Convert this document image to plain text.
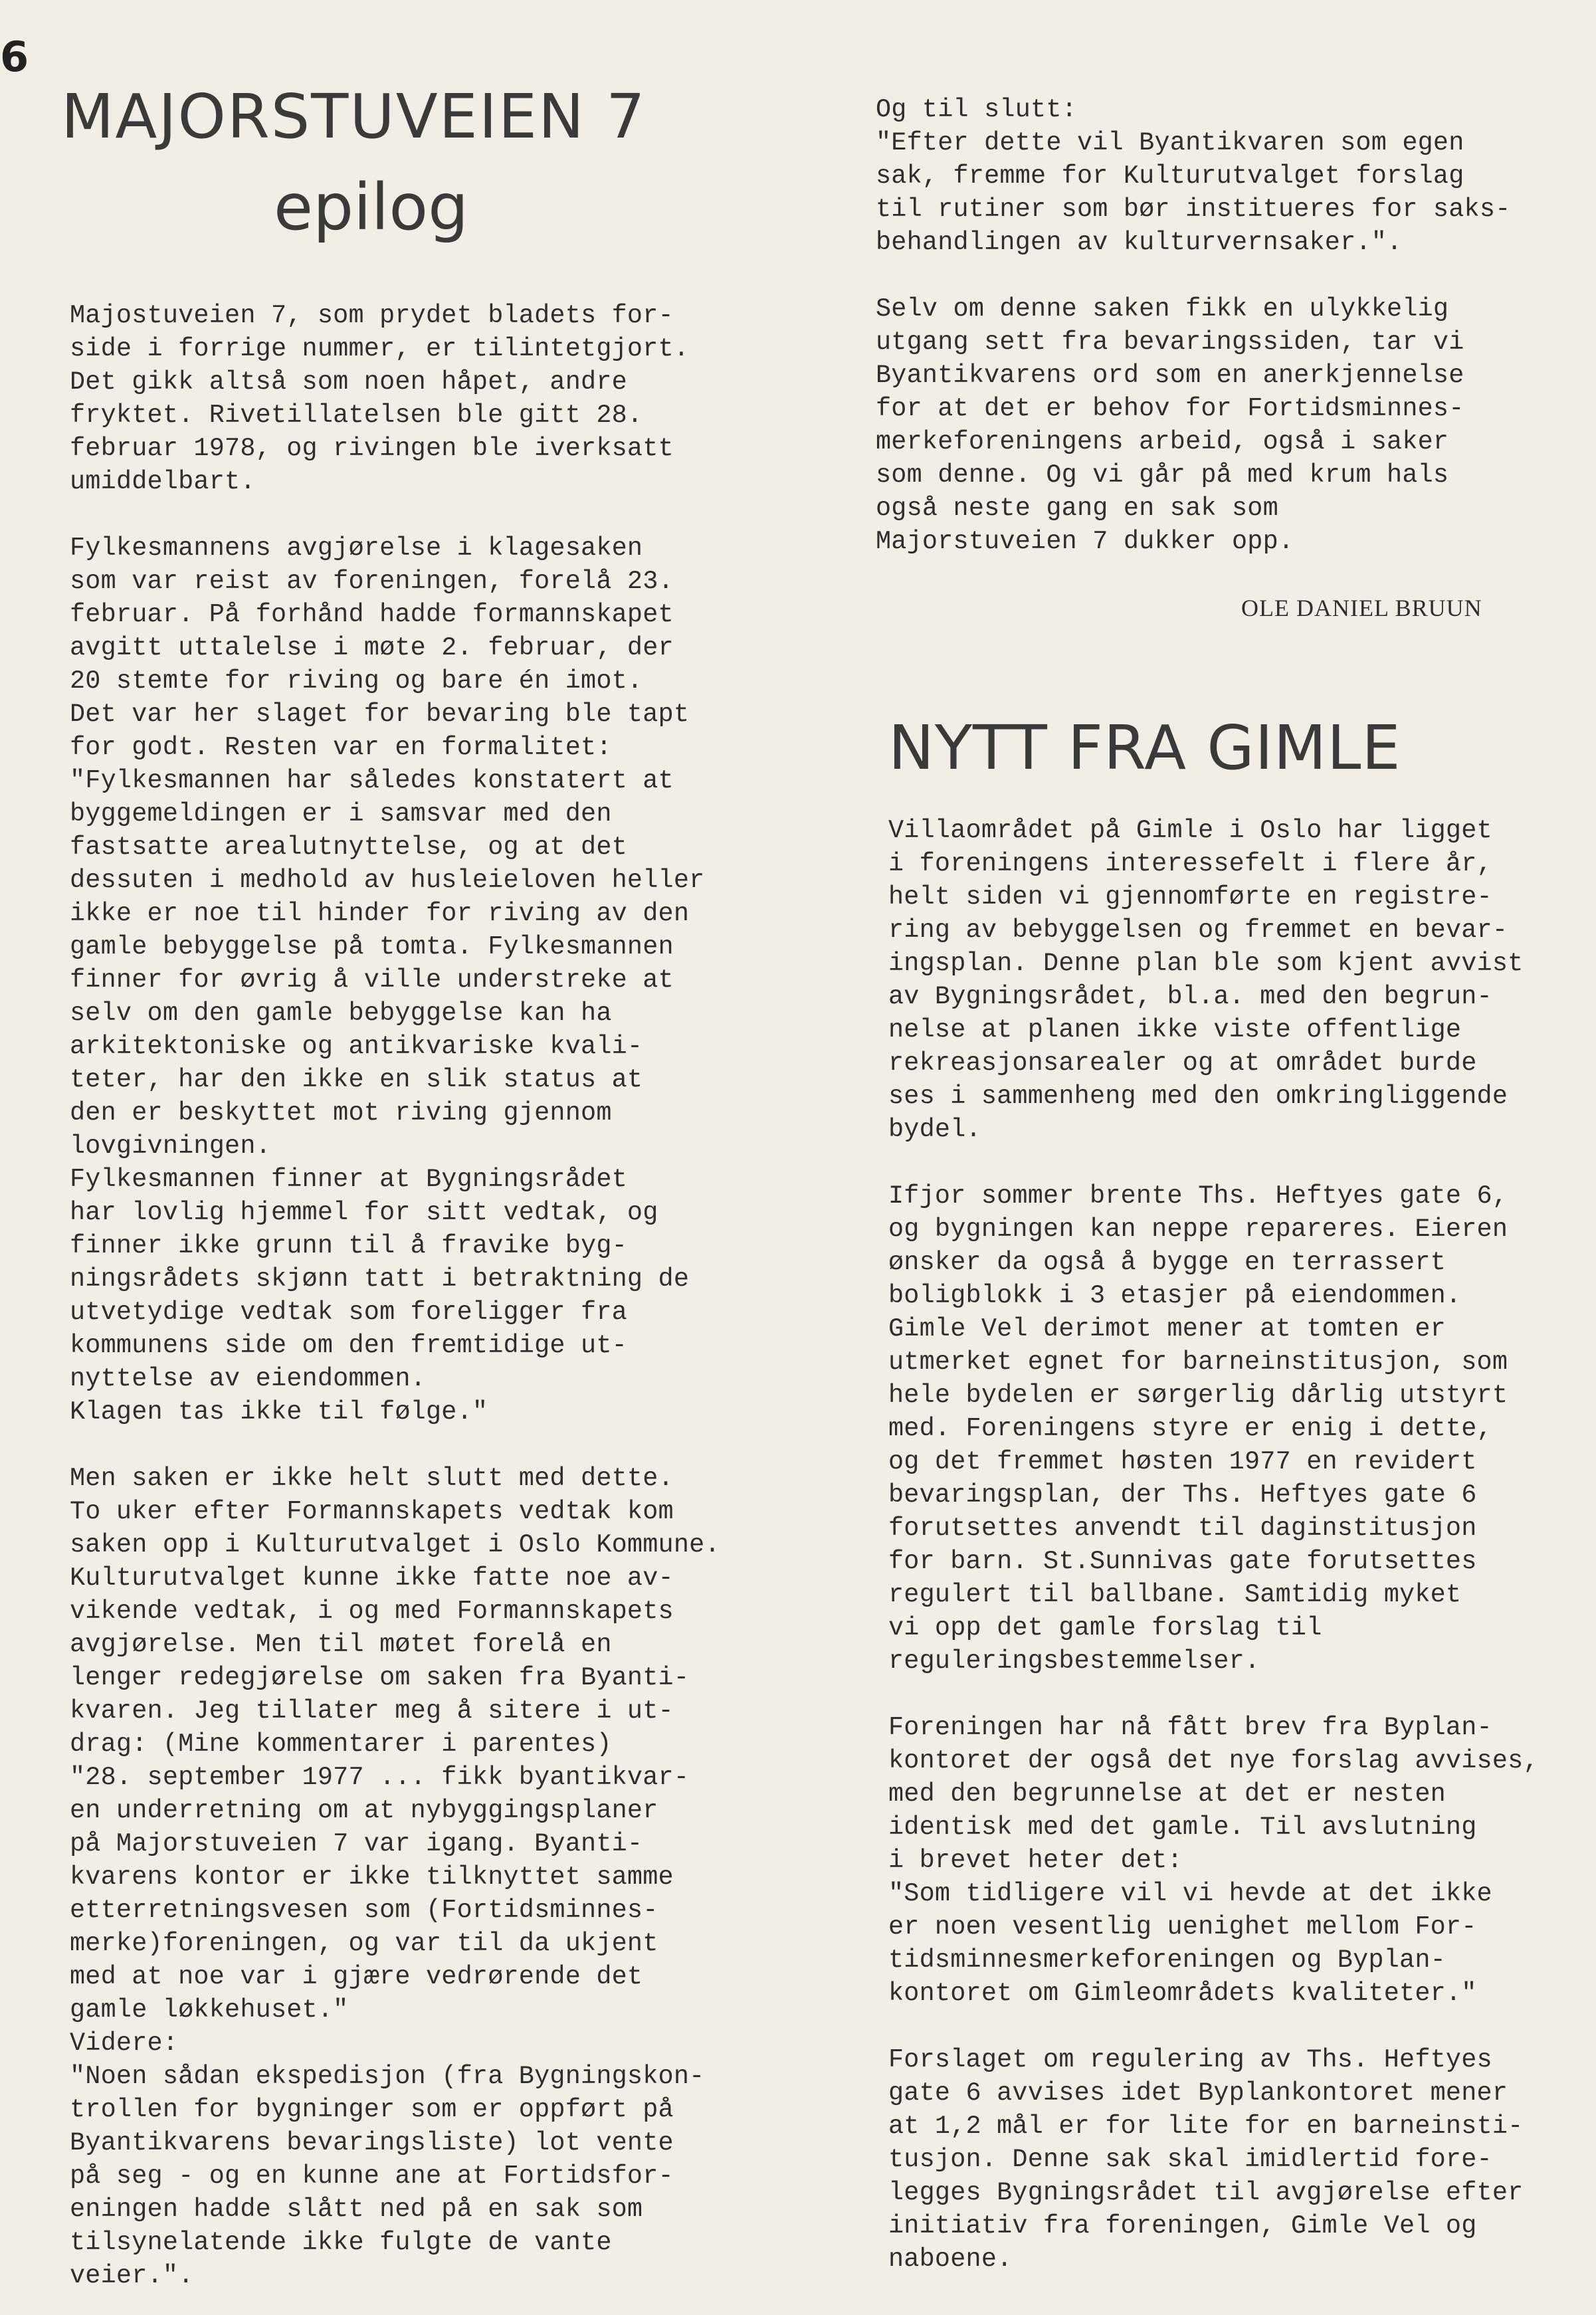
6
MAJORSTUVEIEN 7
epilog

Majostuveien 7, som prydet bladets for-
side i forrige nummer, er tilintetgjort.
Det gikk altså som noen håpet, andre
fryktet. Rivetillatelsen ble gitt 28.
februar 1978, og rivingen ble iverksatt
umiddelbart.

Fylkesmannens avgjørelse i klagesaken
som var reist av foreningen, forelå 23.
februar. På forhånd hadde formannskapet
avgitt uttalelse i møte 2. februar, der
20 stemte for riving og bare én imot.
Det var her slaget for bevaring ble tapt
for godt. Resten var en formalitet:
"Fylkesmannen har således konstatert at
byggemeldingen er i samsvar med den
fastsatte arealutnyttelse, og at det
dessuten i medhold av husleieloven heller
ikke er noe til hinder for riving av den
gamle bebyggelse på tomta. Fylkesmannen
finner for øvrig å ville understreke at
selv om den gamle bebyggelse kan ha
arkitektoniske og antikvariske kvali-
teter, har den ikke en slik status at
den er beskyttet mot riving gjennom
lovgivningen.
Fylkesmannen finner at Bygningsrådet
har lovlig hjemmel for sitt vedtak, og
finner ikke grunn til å fravike byg-
ningsrådets skjønn tatt i betraktning de
utvetydige vedtak som foreligger fra
kommunens side om den fremtidige ut-
nyttelse av eiendommen.
Klagen tas ikke til følge."

Men saken er ikke helt slutt med dette.
To uker efter Formannskapets vedtak kom
saken opp i Kulturutvalget i Oslo Kommune.
Kulturutvalget kunne ikke fatte noe av-
vikende vedtak, i og med Formannskapets
avgjørelse. Men til møtet forelå en
lenger redegjørelse om saken fra Byanti-
kvaren. Jeg tillater meg å sitere i ut-
drag: (Mine kommentarer i parentes)
"28. september 1977 ... fikk byantikvar-
en underretning om at nybyggingsplaner
på Majorstuveien 7 var igang. Byanti-
kvarens kontor er ikke tilknyttet samme
etterretningsvesen som (Fortidsminnes-
merke)foreningen, og var til da ukjent
med at noe var i gjære vedrørende det
gamle løkkehuset."
Videre:
"Noen sådan ekspedisjon (fra Bygningskon-
trollen for bygninger som er oppført på
Byantikvarens bevaringsliste) lot vente
på seg - og en kunne ane at Fortidsfor-
eningen hadde slått ned på en sak som
tilsynelatende ikke fulgte de vante
veier.".

Og til slutt:
"Efter dette vil Byantikvaren som egen
sak, fremme for Kulturutvalget forslag
til rutiner som bør institueres for saks-
behandlingen av kulturvernsaker.".

Selv om denne saken fikk en ulykkelig
utgang sett fra bevaringssiden, tar vi
Byantikvarens ord som en anerkjennelse
for at det er behov for Fortidsminnes-
merkeforeningens arbeid, også i saker
som denne. Og vi går på med krum hals
også neste gang en sak som
Majorstuveien 7 dukker opp.

OLE DANIEL BRUUN

NYTT FRA GIMLE

Villaområdet på Gimle i Oslo har ligget
i foreningens interessefelt i flere år,
helt siden vi gjennomførte en registre-
ring av bebyggelsen og fremmet en bevar-
ingsplan. Denne plan ble som kjent avvist
av Bygningsrådet, bl.a. med den begrun-
nelse at planen ikke viste offentlige
rekreasjonsarealer og at området burde
ses i sammenheng med den omkringliggende
bydel.

Ifjor sommer brente Ths. Heftyes gate 6,
og bygningen kan neppe repareres. Eieren
ønsker da også å bygge en terrassert
boligblokk i 3 etasjer på eiendommen.
Gimle Vel derimot mener at tomten er
utmerket egnet for barneinstitusjon, som
hele bydelen er sørgerlig dårlig utstyrt
med. Foreningens styre er enig i dette,
og det fremmet høsten 1977 en revidert
bevaringsplan, der Ths. Heftyes gate 6
forutsettes anvendt til daginstitusjon
for barn. St.Sunnivas gate forutsettes
regulert til ballbane. Samtidig myket
vi opp det gamle forslag til
reguleringsbestemmelser.

Foreningen har nå fått brev fra Byplan-
kontoret der også det nye forslag avvises,
med den begrunnelse at det er nesten
identisk med det gamle. Til avslutning
i brevet heter det:
"Som tidligere vil vi hevde at det ikke
er noen vesentlig uenighet mellom For-
tidsminnesmerkeforeningen og Byplan-
kontoret om Gimleområdets kvaliteter."

Forslaget om regulering av Ths. Heftyes
gate 6 avvises idet Byplankontoret mener
at 1,2 mål er for lite for en barneinsti-
tusjon. Denne sak skal imidlertid fore-
legges Bygningsrådet til avgjørelse efter
initiativ fra foreningen, Gimle Vel og
naboene.
